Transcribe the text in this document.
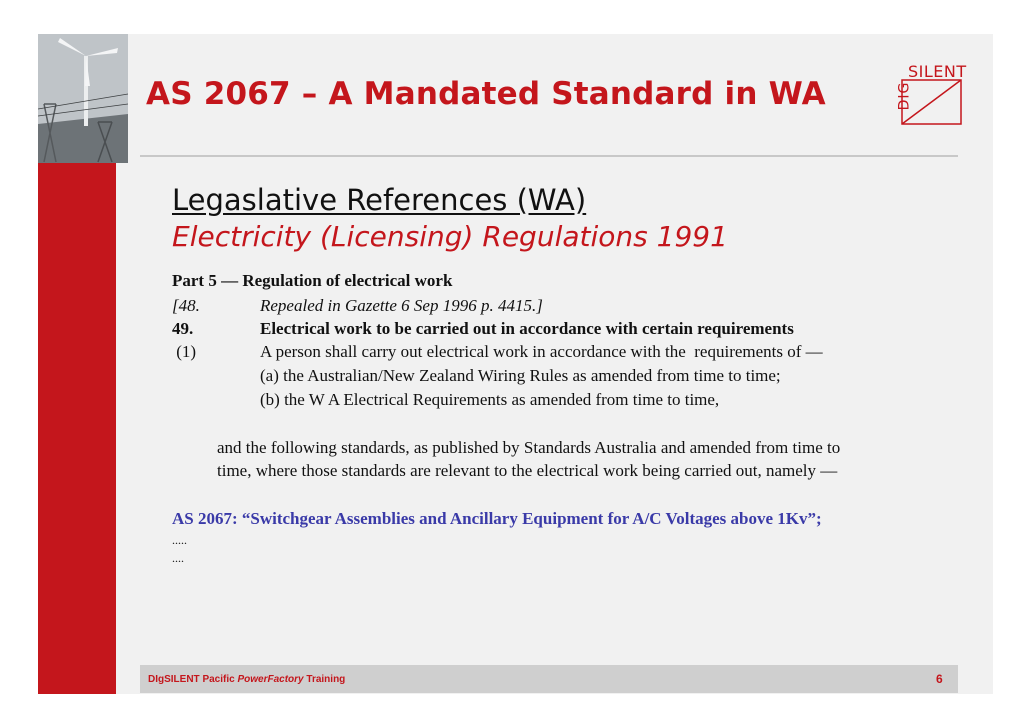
AS 2067 – A Mandated Standard in WA
SILENT
DIG
Legaslative References (WA)
Electricity (Licensing) Regulations 1991
Part 5 — Regulation of electrical work
[48.	Repealed in Gazette 6 Sep 1996 p. 4415.]
49.	Electrical work to be carried out in accordance with certain requirements
(1)	A person shall carry out electrical work in accordance with the  requirements of —
(a) the Australian/New Zealand Wiring Rules as amended from time to time;
(b) the W A Electrical Requirements as amended from time to time,
and the following standards, as published by Standards Australia and amended from time to
time, where those standards are relevant to the electrical work being carried out, namely —
AS 2067: “Switchgear Assemblies and Ancillary Equipment for A/C Voltages above 1Kv”;
.....
....
DIgSILENT Pacific PowerFactory Training	6
